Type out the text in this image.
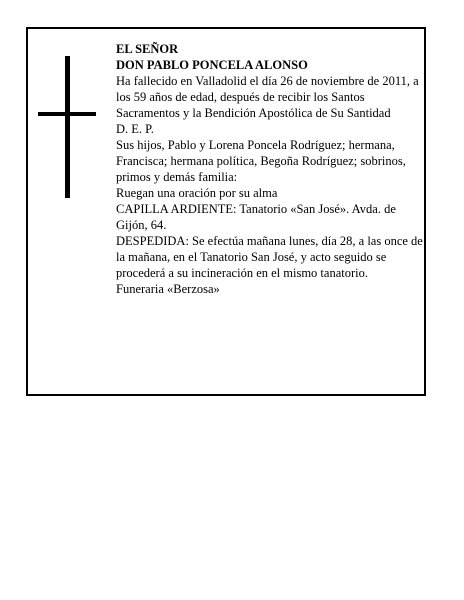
EL SEÑOR

DON PABLO PONCELA ALONSO

Ha fallecido en Valladolid el día 26 de noviembre de 2011, a los 59 años de edad, después de recibir los Santos Sacramentos y la Bendición Apostólica de Su Santidad

D. E. P.

Sus hijos, Pablo y Lorena Poncela Rodríguez; hermana, Francisca; hermana política, Begoña Rodríguez; sobrinos, primos y demás familia:

Ruegan una oración por su alma

CAPILLA ARDIENTE: Tanatorio «San José». Avda. de Gijón, 64.

DESPEDIDA: Se efectúa mañana lunes, día 28, a las once de la mañana, en el Tanatorio San José, y acto seguido se procederá a su incineración en el mismo tanatorio.

Funeraria «Berzosa»
